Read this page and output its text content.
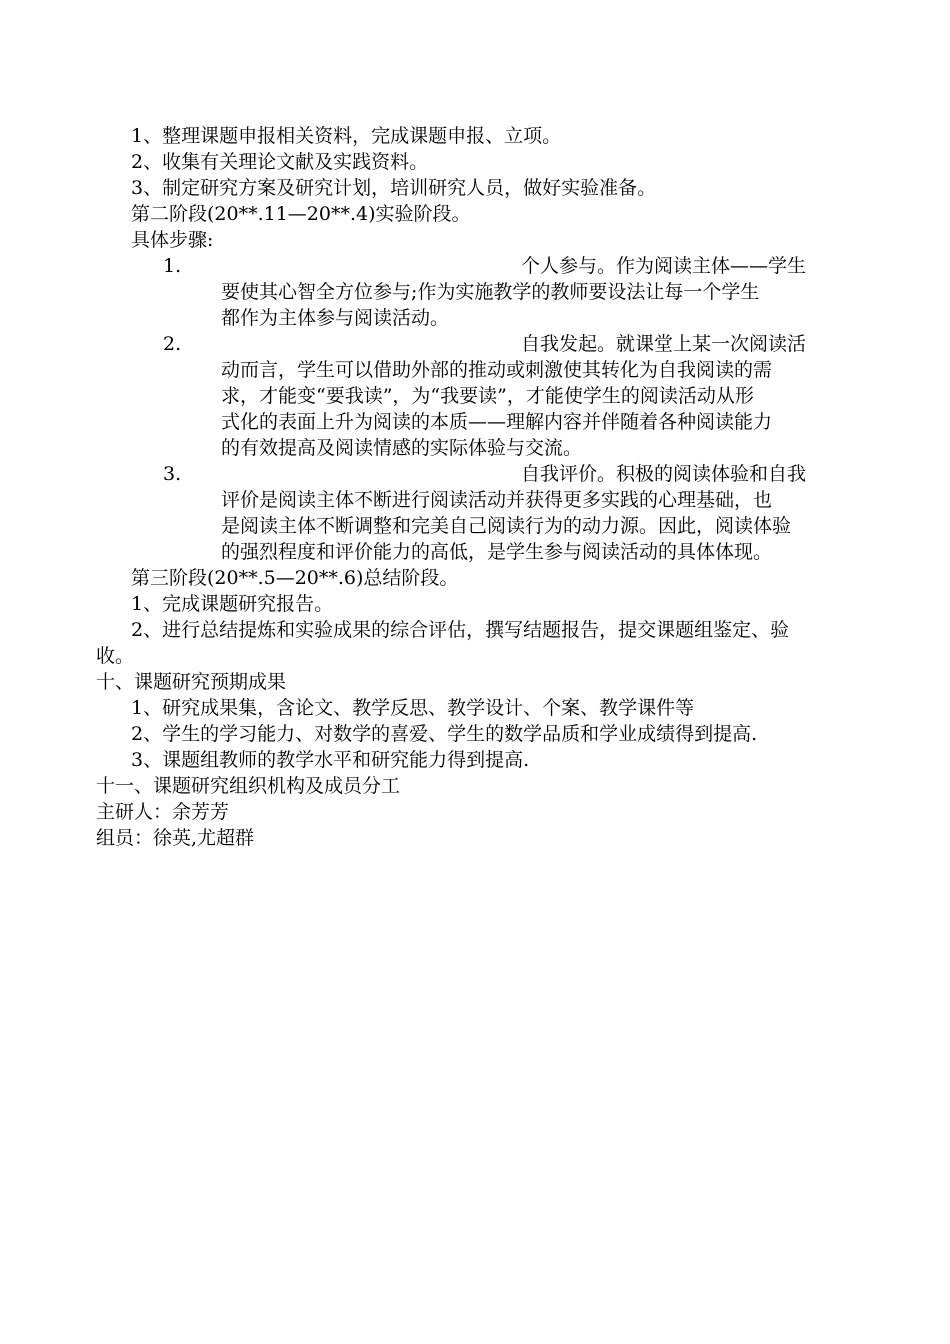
1、整理课题申报相关资料，完成课题申报、立项。
2、收集有关理论文献及实践资料。
3、制定研究方案及研究计划，培训研究人员，做好实验准备。
第二阶段(20**.11—20**.4)实验阶段。
具体步骤:
1.	个人参与。作为阅读主体——学生
要使其心智全方位参与;作为实施教学的教师要设法让每一个学生
都作为主体参与阅读活动。
2.	自我发起。就课堂上某一次阅读活
动而言，学生可以借助外部的推动或刺激使其转化为自我阅读的需
求，才能变“要我读”，为“我要读”，才能使学生的阅读活动从形
式化的表面上升为阅读的本质——理解内容并伴随着各种阅读能力
的有效提高及阅读情感的实际体验与交流。
3.	自我评价。积极的阅读体验和自我
评价是阅读主体不断进行阅读活动并获得更多实践的心理基础，也
是阅读主体不断调整和完美自己阅读行为的动力源。因此，阅读体验
的强烈程度和评价能力的高低，是学生参与阅读活动的具体体现。
第三阶段(20**.5—20**.6)总结阶段。
1、完成课题研究报告。
2、进行总结提炼和实验成果的综合评估，撰写结题报告，提交课题组鉴定、验
收。
十、课题研究预期成果
1、研究成果集，含论文、教学反思、教学设计、个案、教学课件等
2、学生的学习能力、对数学的喜爱、学生的数学品质和学业成绩得到提高.
3、课题组教师的教学水平和研究能力得到提高.
十一、课题研究组织机构及成员分工
主研人：余芳芳
组员：徐英,尤超群
